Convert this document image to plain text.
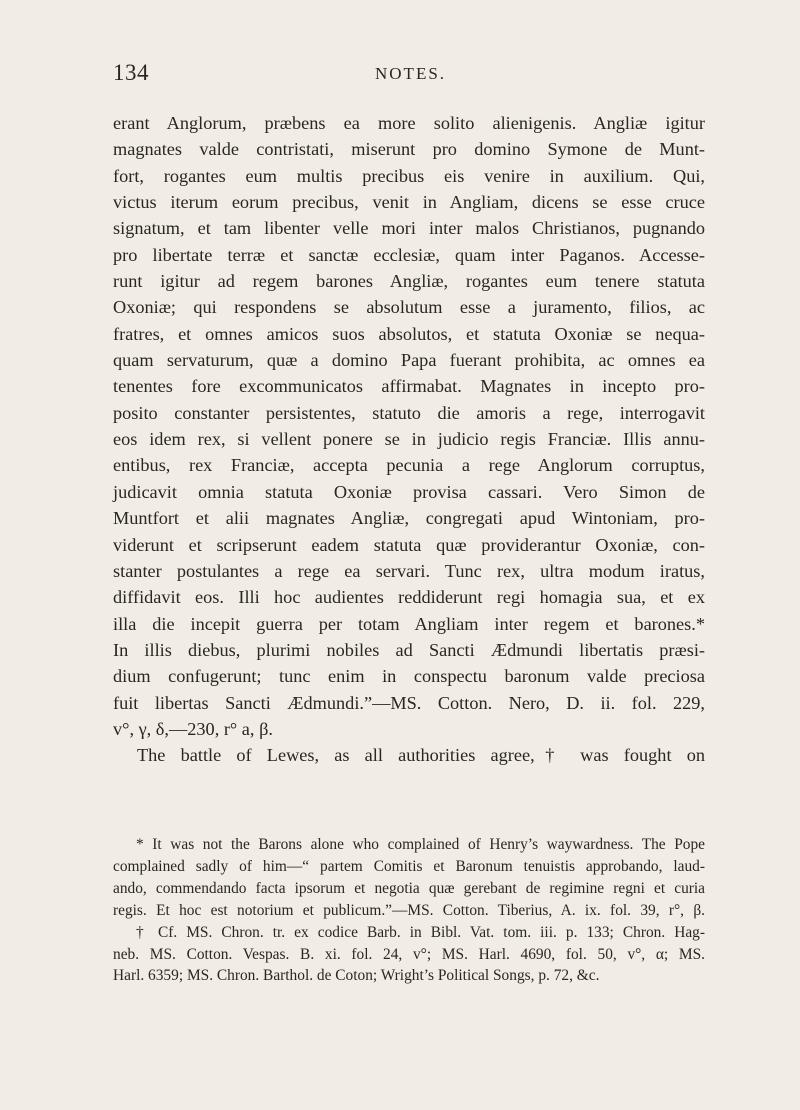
134	NOTES.
erant Anglorum, præbens ea more solito alienigenis. Angliæ igitur
magnates valde contristati, miserunt pro domino Symone de Munt-
fort, rogantes eum multis precibus eis venire in auxilium. Qui,
victus iterum eorum precibus, venit in Angliam, dicens se esse cruce
signatum, et tam libenter velle mori inter malos Christianos, pugnando
pro libertate terræ et sanctæ ecclesiæ, quam inter Paganos. Accesse-
runt igitur ad regem barones Angliæ, rogantes eum tenere statuta
Oxoniæ; qui respondens se absolutum esse a juramento, filios, ac
fratres, et omnes amicos suos absolutos, et statuta Oxoniæ se nequa-
quam servaturum, quæ a domino Papa fuerant prohibita, ac omnes ea
tenentes fore excommunicatos affirmabat. Magnates in incepto pro-
posito constanter persistentes, statuto die amoris a rege, interrogavit
eos idem rex, si vellent ponere se in judicio regis Franciæ. Illis annu-
entibus, rex Franciæ, accepta pecunia a rege Anglorum corruptus,
judicavit omnia statuta Oxoniæ provisa cassari. Vero Simon de
Muntfort et alii magnates Angliæ, congregati apud Wintoniam, pro-
viderunt et scripserunt eadem statuta quæ providerantur Oxoniæ, con-
stanter postulantes a rege ea servari. Tunc rex, ultra modum iratus,
diffidavit eos. Illi hoc audientes reddiderunt regi homagia sua, et ex
illa die incepit guerra per totam Angliam inter regem et barones.*
In illis diebus, plurimi nobiles ad Sancti Ædmundi libertatis præsi-
dium confugerunt; tunc enim in conspectu baronum valde preciosa
fuit libertas Sancti Ædmundi.”—MS. Cotton. Nero, D. ii. fol. 229,
v°, γ, δ,—230, r° a, β.
The battle of Lewes, as all authorities agree,† was fought on
* It was not the Barons alone who complained of Henry’s waywardness. The Pope
complained sadly of him—“ partem Comitis et Baronum tenuistis approbando, laud-
ando, commendando facta ipsorum et negotia quæ gerebant de regimine regni et curia
regis. Et hoc est notorium et publicum.”—MS. Cotton. Tiberius, A. ix. fol. 39, r°, β.
† Cf. MS. Chron. tr. ex codice Barb. in Bibl. Vat. tom. iii. p. 133; Chron. Hag-
neb. MS. Cotton. Vespas. B. xi. fol. 24, v°; MS. Harl. 4690, fol. 50, v°, α; MS.
Harl. 6359; MS. Chron. Barthol. de Coton; Wright’s Political Songs, p. 72, &c.
